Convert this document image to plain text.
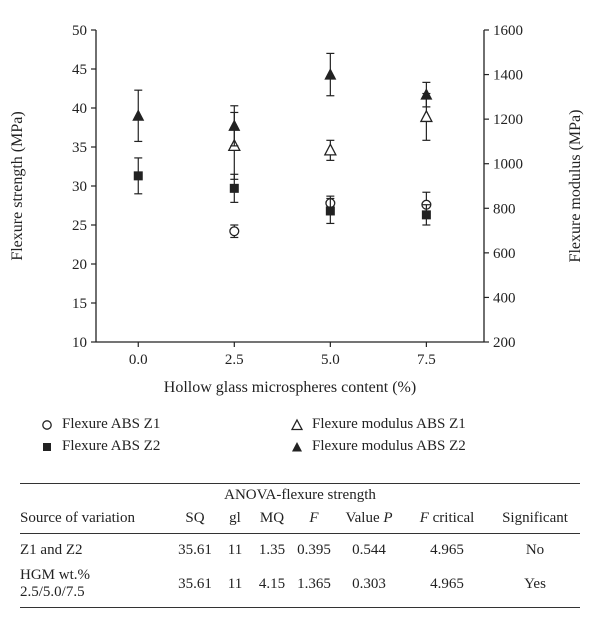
10
15
20
25
30
35
40
45
50
200
400
600
800
1000
1200
1400
1600
0.0	2.5	5.0	7.5
Hollow glass microspheres content (%)
Flexure strength (MPa)	Flexure modulus (MPa)
Flexure ABS Z1	Flexure modulus ABS Z1
Flexure ABS Z2	Flexure modulus ABS Z2
ANOVA-flexure strength							
Source of variation	SQ	gl	MQ	F	Value P	F critical	Significant
Z1 and Z2	35.61	11	1.35	0.395	0.544	4.965	No
HGM wt.%
2.5/5.0/7.5	35.61	11	4.15	1.365	0.303	4.965	Yes
